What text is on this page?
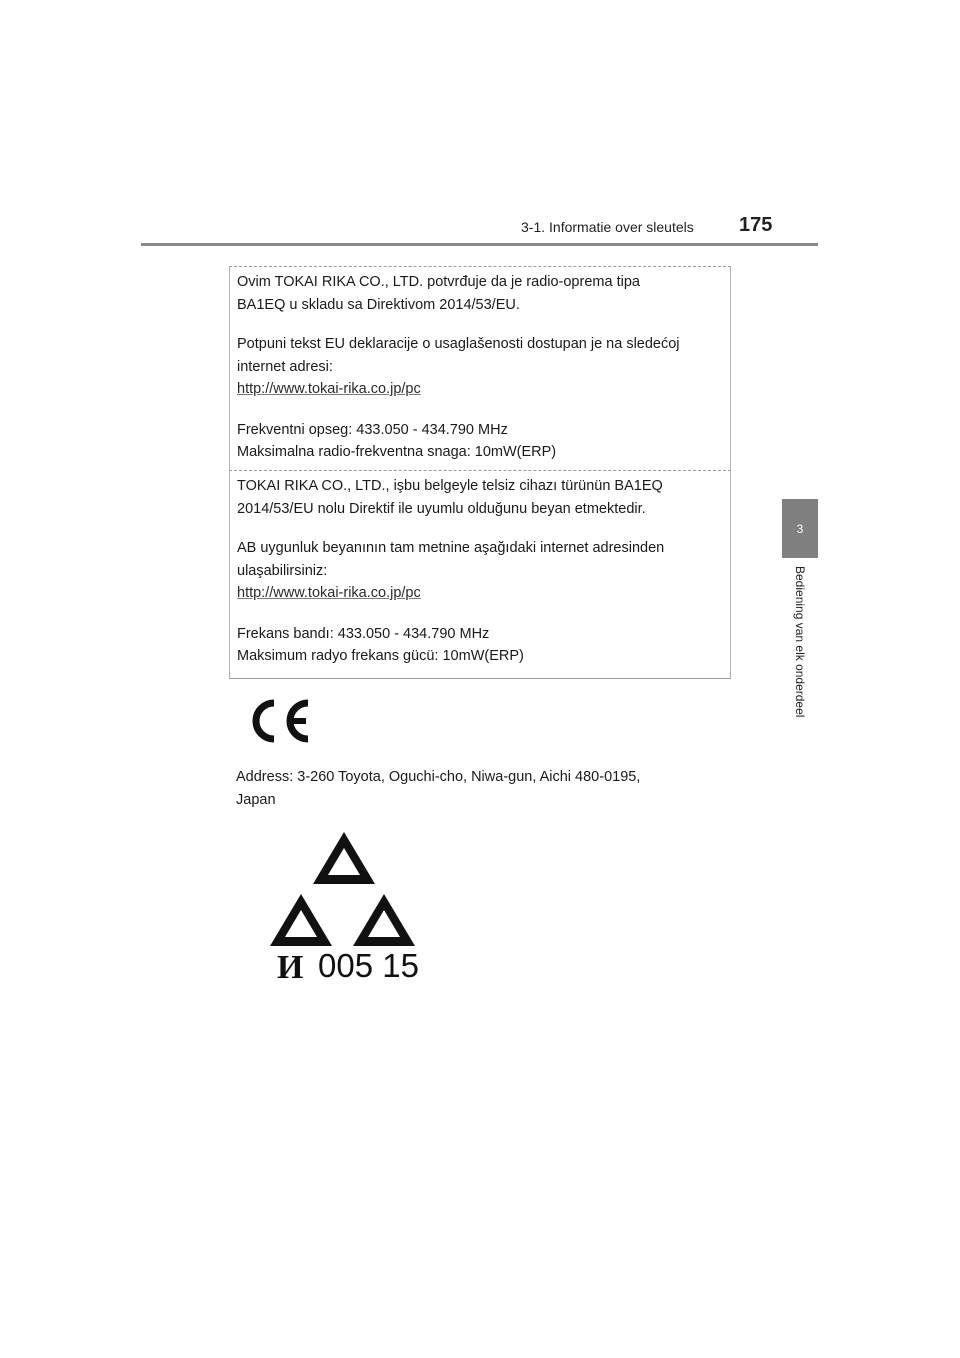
3-1. Informatie over sleutels 175
3
Bediening van elk onderdeel

Ovim TOKAI RIKA CO., LTD. potvrđuje da je radio-oprema tipa
BA1EQ u skladu sa Direktivom 2014/53/EU.

Potpuni tekst EU deklaracije o usaglašenosti dostupan je na sledećoj
internet adresi:

http://www.tokai-rika.co.jp/pc
Frekventni opseg: 433.050 - 434.790 MHz
Maksimalna radio-frekventna snaga: 10mW(ERP)

TOKAI RIKA CO., LTD., işbu belgeyle telsiz cihazı türünün BA1EQ
2014/53/EU nolu Direktif ile uyumlu olduğunu beyan etmektedir.

AB uygunluk beyanının tam metnine aşağıdaki internet adresinden
ulaşabilirsiniz:

http://www.tokai-rika.co.jp/pc
Frekans bandı: 433.050 - 434.790 MHz
Maksimum radyo frekans gücü: 10mW(ERP)
Address: 3-260 Toyota, Oguchi-cho, Niwa-gun, Aichi 480-0195,
Japan
И 005 15
